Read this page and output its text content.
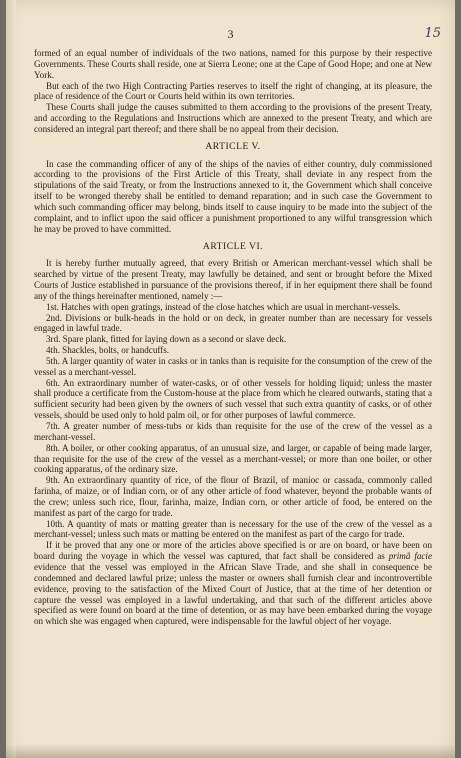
3	15

formed of an equal number of individuals of the two nations, named for this purpose by their respective Governments. These Courts shall reside, one at Sierra Leone; one at the Cape of Good Hope; and one at New York.

But each of the two High Contracting Parties reserves to itself the right of changing, at its pleasure, the place of residence of the Court or Courts held within its own territories.

These Courts shall judge the causes submitted to them according to the provisions of the present Treaty, and according to the Regulations and Instructions which are annexed to the present Treaty, and which are considered an integral part thereof; and there shall be no appeal from their decision.

ARTICLE V.

In case the commanding officer of any of the ships of the navies of either country, duly commissioned according to the provisions of the First Article of this Treaty, shall deviate in any respect from the stipulations of the said Treaty, or from the Instructions annexed to it, the Government which shall conceive itself to be wronged thereby shall be entitled to demand reparation; and in such case the Government to which such commanding officer may belong, binds itself to cause inquiry to be made into the subject of the complaint, and to inflict upon the said officer a punishment proportioned to any wilful transgression which he may be proved to have committed.

ARTICLE VI.

It is hereby further mutually agreed, that every British or American merchant-vessel which shall be searched by virtue of the present Treaty, may lawfully be detained, and sent or brought before the Mixed Courts of Justice established in pursuance of the provisions thereof, if in her equipment there shall be found any of the things hereinafter mentioned, namely :—

1st. Hatches with open gratings, instead of the close hatches which are usual in merchant-vessels.

2nd. Divisions or bulk-heads in the hold or on deck, in greater number than are necessary for vessels engaged in lawful trade.

3rd. Spare plank, fitted for laying down as a second or slave deck.

4th. Shackles, bolts, or handcuffs.

5th. A larger quantity of water in casks or in tanks than is requisite for the consumption of the crew of the vessel as a merchant-vessel.

6th. An extraordinary number of water-casks, or of other vessels for holding liquid; unless the master shall produce a certificate from the Custom-house at the place from which he cleared outwards, stating that a sufficient security had been given by the owners of such vessel that such extra quantity of casks, or of other vessels, should be used only to hold palm oil, or for other purposes of lawful commerce.

7th. A greater number of mess-tubs or kids than requisite for the use of the crew of the vessel as a merchant-vessel.

8th. A boiler, or other cooking apparatus, of an unusual size, and larger, or capable of being made larger, than requisite for the use of the crew of the vessel as a merchant-vessel; or more than one boiler, or other cooking apparatus, of the ordinary size.

9th. An extraordinary quantity of rice, of the flour of Brazil, of manioc or cassada, commonly called farinha, of maize, or of Indian corn, or of any other article of food whatever, beyond the probable wants of the crew; unless such rice, flour, farinha, maize, Indian corn, or other article of food, be entered on the manifest as part of the cargo for trade.

10th. A quantity of mats or matting greater than is necessary for the use of the crew of the vessel as a merchant-vessel; unless such mats or matting be entered on the manifest as part of the cargo for trade.

If it be proved that any one or more of the articles above specified is or are on board, or have been on board during the voyage in which the vessel was captured, that fact shall be considered as primâ facie evidence that the vessel was employed in the African Slave Trade, and she shall in consequence be condemned and declared lawful prize; unless the master or owners shall furnish clear and incontrovertible evidence, proving to the satisfaction of the Mixed Court of Justice, that at the time of her detention or capture the vessel was employed in a lawful undertaking, and that such of the different articles above specified as were found on board at the time of detention, or as may have been embarked during the voyage on which she was engaged when captured, were indispensable for the lawful object of her voyage.
